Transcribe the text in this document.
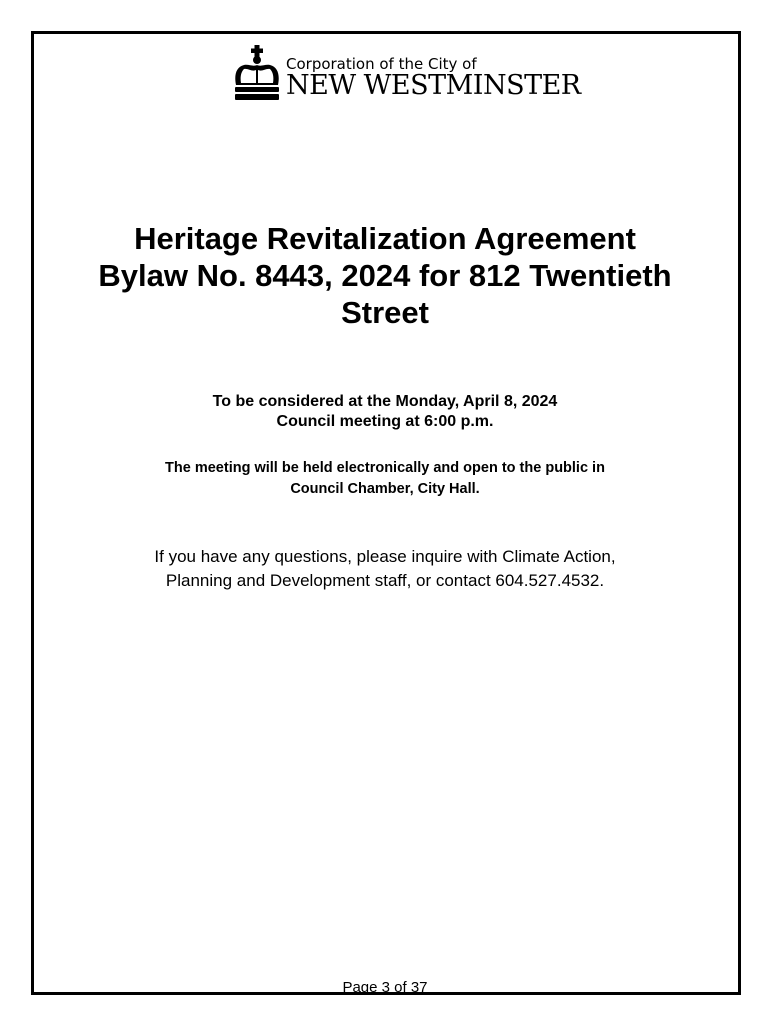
Corporation of the City of
NEW WESTMINSTER
Heritage Revitalization Agreement
Bylaw No. 8443, 2024 for 812 Twentieth
Street
To be considered at the Monday, April 8, 2024
Council meeting at 6:00 p.m.
The meeting will be held electronically and open to the public in
Council Chamber, City Hall.
If you have any questions, please inquire with Climate Action,
Planning and Development staff, or contact 604.527.4532.
Page 3 of 37
